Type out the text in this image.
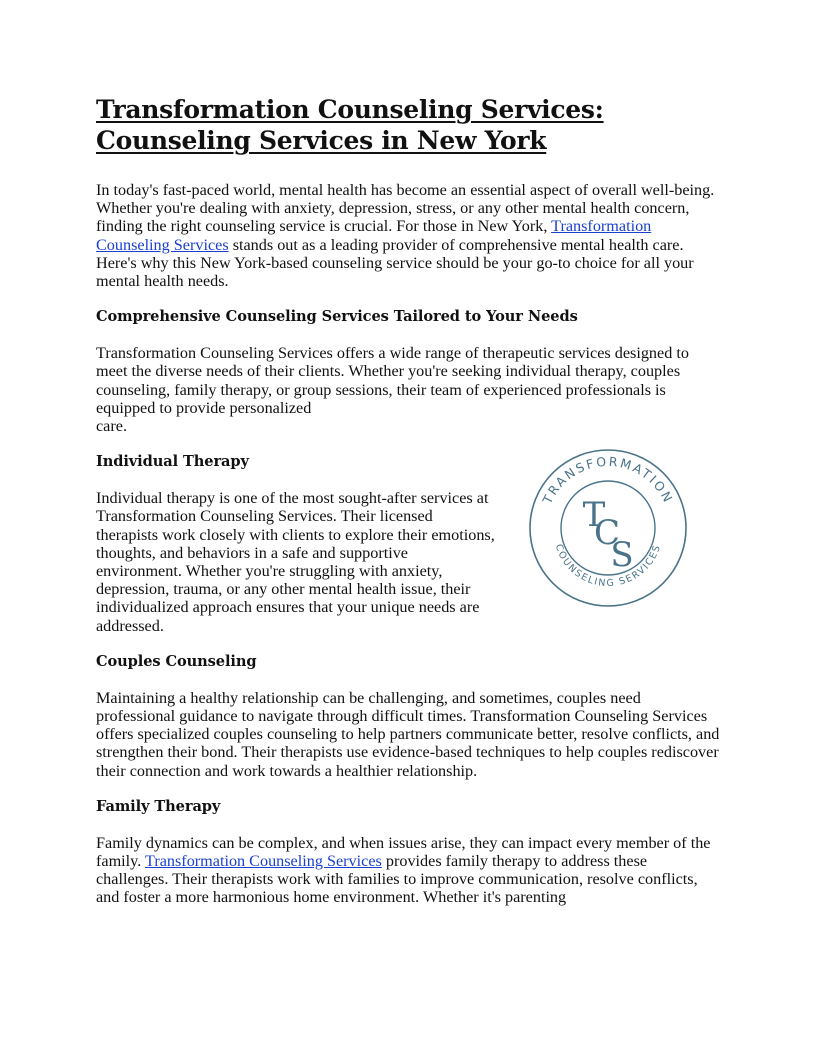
Transformation Counseling Services:
Counseling Services in New York

In today's fast-paced world, mental health has become an essential aspect of overall well-being. Whether you're dealing with anxiety, depression, stress, or any other mental health concern, finding the right counseling service is crucial. For those in New York, Transformation Counseling Services stands out as a leading provider of comprehensive mental health care. Here's why this New York-based counseling service should be your go-to choice for all your mental health needs.

Comprehensive Counseling Services Tailored to Your Needs

Transformation Counseling Services offers a wide range of therapeutic services designed to meet the diverse needs of their clients. Whether you're seeking individual therapy, couples counseling, family therapy, or group sessions, their team of experienced professionals is equipped to provide personalized
care.

Individual Therapy

Individual therapy is one of the most sought-after services at Transformation Counseling Services. Their licensed therapists work closely with clients to explore their emotions, thoughts, and behaviors in a safe and supportive environment. Whether you're struggling with anxiety, depression, trauma, or any other mental health issue, their individualized approach ensures that your unique needs are addressed.

Couples Counseling

Maintaining a healthy relationship can be challenging, and sometimes, couples need professional guidance to navigate through difficult times. Transformation Counseling Services offers specialized couples counseling to help partners communicate better, resolve conflicts, and strengthen their bond. Their therapists use evidence-based techniques to help couples rediscover their connection and work towards a healthier relationship.

Family Therapy

Family dynamics can be complex, and when issues arise, they can impact every member of the family. Transformation Counseling Services provides family therapy to address these challenges. Their therapists work with families to improve communication, resolve conflicts, and foster a more harmonious home environment. Whether it's parenting

TRANSFORMATION
COUNSELING SERVICES
T
C
S
